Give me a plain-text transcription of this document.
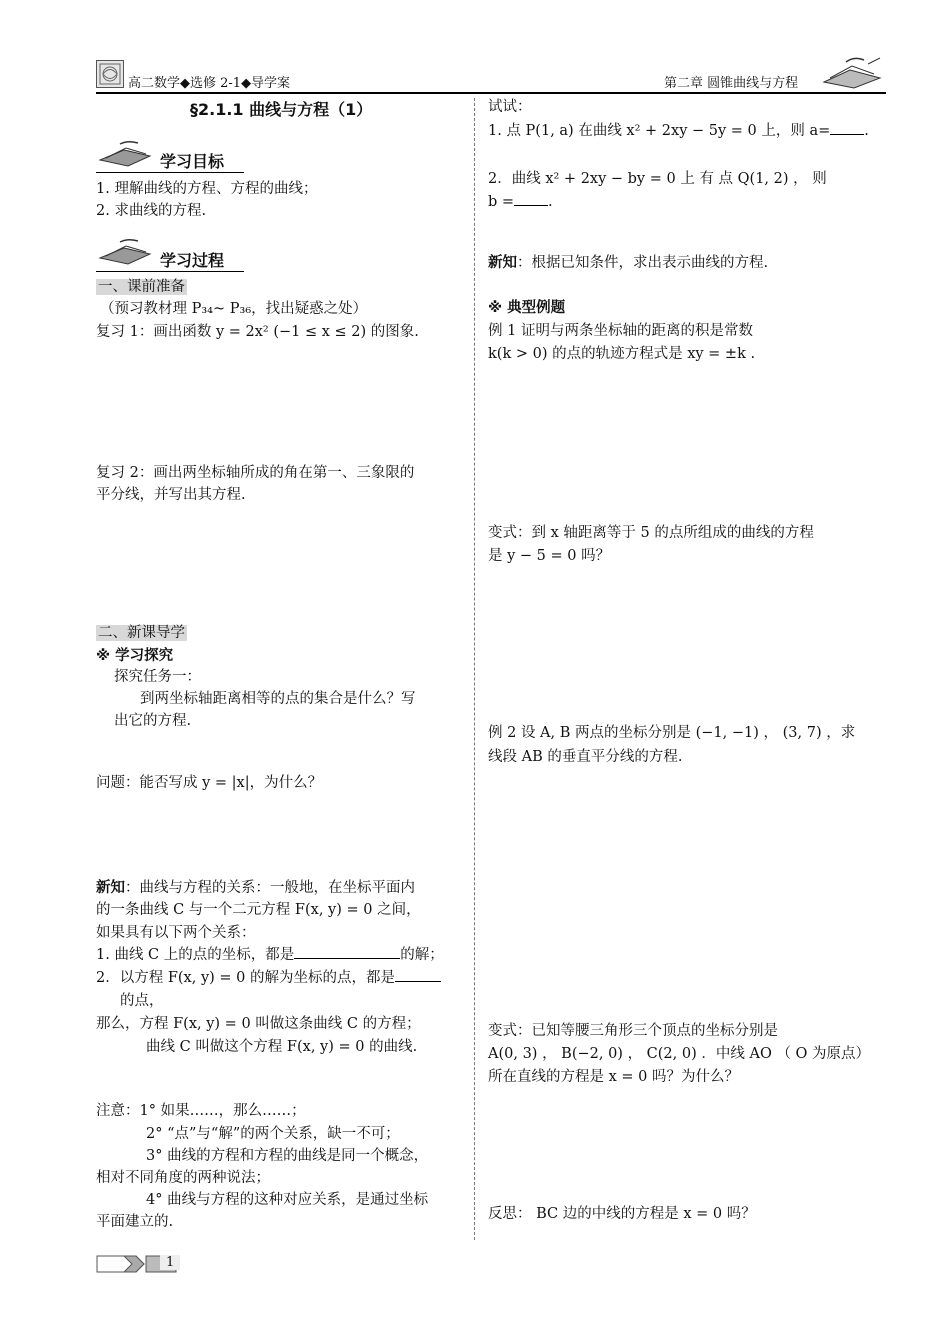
高二数学◆选修 2-1◆导学案	第二章 圆锥曲线与方程
§2.1.1 曲线与方程（1）
学习目标
1. 理解曲线的方程、方程的曲线；
2. 求曲线的方程.
学习过程
一、课前准备
（预习教材理 P₃₄~ P₃₆，找出疑惑之处）
复习 1：画出函数 y = 2x² (−1 ≤ x ≤ 2) 的图象.
复习 2：画出两坐标轴所成的角在第一、三象限的
平分线，并写出其方程.
二、新课导学
※ 学习探究
探究任务一：
到两坐标轴距离相等的点的集合是什么？写
出它的方程.
问题：能否写成 y = |x|，为什么？
新知：曲线与方程的关系：一般地，在坐标平面内
的一条曲线 C 与一个二元方程 F(x, y) = 0 之间，
如果具有以下两个关系：
1. 曲线 C 上的点的坐标，都是	的解；
2．以方程 F(x, y) = 0 的解为坐标的点，都是
的点，
那么，方程 F(x, y) = 0 叫做这条曲线 C 的方程；
曲线 C 叫做这个方程 F(x, y) = 0 的曲线.
注意：1° 如果……，那么……；
2° “点”与“解”的两个关系，缺一不可；
3° 曲线的方程和方程的曲线是同一个概念，
相对不同角度的两种说法；
4° 曲线与方程的这种对应关系，是通过坐标
平面建立的.
试试：
1. 点 P(1, a) 在曲线 x² + 2xy − 5y = 0 上，则 a= .
2．曲线 x² + 2xy − by = 0 上 有 点 Q(1, 2) ， 则
b = .
新知：根据已知条件，求出表示曲线的方程.
※ 典型例题
例 1 证明与两条坐标轴的距离的积是常数
k(k > 0) 的点的轨迹方程式是 xy = ±k .
变式：到 x 轴距离等于 5 的点所组成的曲线的方程
是 y − 5 = 0 吗？
例 2 设 A, B 两点的坐标分别是 (−1, −1) ， (3, 7) ，求
线段 AB 的垂直平分线的方程.
变式：已知等腰三角形三个顶点的坐标分别是
A(0, 3) ， B(−2, 0) ， C(2, 0) ．中线 AO （ O 为原点）
所在直线的方程是 x = 0 吗？为什么？
反思： BC 边的中线的方程是 x = 0 吗？
1
